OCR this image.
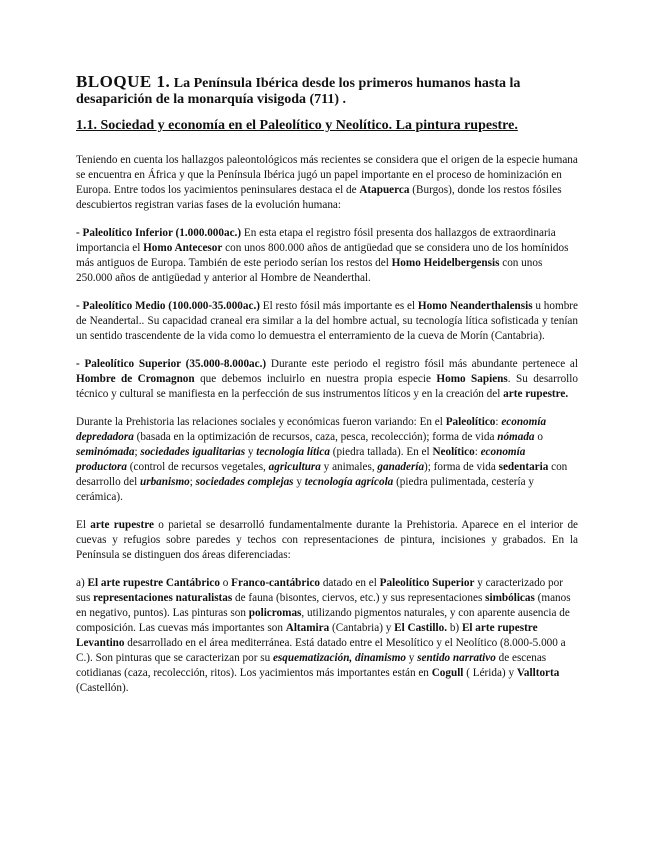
BLOQUE 1. La Península Ibérica desde los primeros humanos hasta la desaparición de la monarquía visigoda (711) .
1.1. Sociedad y economía en el Paleolítico y Neolítico. La pintura rupestre.

Teniendo en cuenta los hallazgos paleontológicos más recientes se considera que el origen de la especie humana se encuentra en África y que la Península Ibérica jugó un papel importante en el proceso de hominización en Europa. Entre todos los yacimientos peninsulares destaca el de Atapuerca (Burgos), donde los restos fósiles descubiertos registran varias fases de la evolución humana:

- Paleolítico Inferior (1.000.000ac.) En esta etapa el registro fósil presenta dos hallazgos de extraordinaria importancia el Homo Antecesor con unos 800.000 años de antigüedad que se considera uno de los homínidos más antiguos de Europa. También de este periodo serían los restos del Homo Heidelbergensis con unos 250.000 años de antigüedad y anterior al Hombre de Neanderthal.

- Paleolítico Medio (100.000-35.000ac.) El resto fósil más importante es el Homo Neanderthalensis u hombre de Neandertal.. Su capacidad craneal era similar a la del hombre actual, su tecnología lítica sofisticada y tenían un sentido trascendente de la vida como lo demuestra el enterramiento de la cueva de Morín (Cantabria).

- Paleolítico Superior (35.000-8.000ac.) Durante este periodo el registro fósil más abundante pertenece al Hombre de Cromagnon que debemos incluirlo en nuestra propia especie Homo Sapiens. Su desarrollo técnico y cultural se manifiesta en la perfección de sus instrumentos líticos y en la creación del arte rupestre.

Durante la Prehistoria las relaciones sociales y económicas fueron variando: En el Paleolítico: economía depredadora (basada en la optimización de recursos, caza, pesca, recolección); forma de vida nómada o seminómada; sociedades igualitarias y tecnología lítica (piedra tallada). En el Neolítico: economía productora (control de recursos vegetales, agricultura y animales, ganadería); forma de vida sedentaria con desarrollo del urbanismo; sociedades complejas y tecnología agrícola (piedra pulimentada, cestería y cerámica).

El arte rupestre o parietal se desarrolló fundamentalmente durante la Prehistoria. Aparece en el interior de cuevas y refugios sobre paredes y techos con representaciones de pintura, incisiones y grabados. En la Península se distinguen dos áreas diferenciadas:

a) El arte rupestre Cantábrico o Franco-cantábrico datado en el Paleolítico Superior y caracterizado por sus representaciones naturalistas de fauna (bisontes, ciervos, etc.) y sus representaciones simbólicas (manos en negativo, puntos). Las pinturas son policromas, utilizando pigmentos naturales, y con aparente ausencia de composición. Las cuevas más importantes son Altamira (Cantabria) y El Castillo. b) El arte rupestre Levantino desarrollado en el área mediterránea. Está datado entre el Mesolítico y el Neolítico (8.000-5.000 a C.). Son pinturas que se caracterizan por su esquematización, dinamismo y sentido narrativo de escenas cotidianas (caza, recolección, ritos). Los yacimientos más importantes están en Cogull ( Lérida) y Valltorta (Castellón).
